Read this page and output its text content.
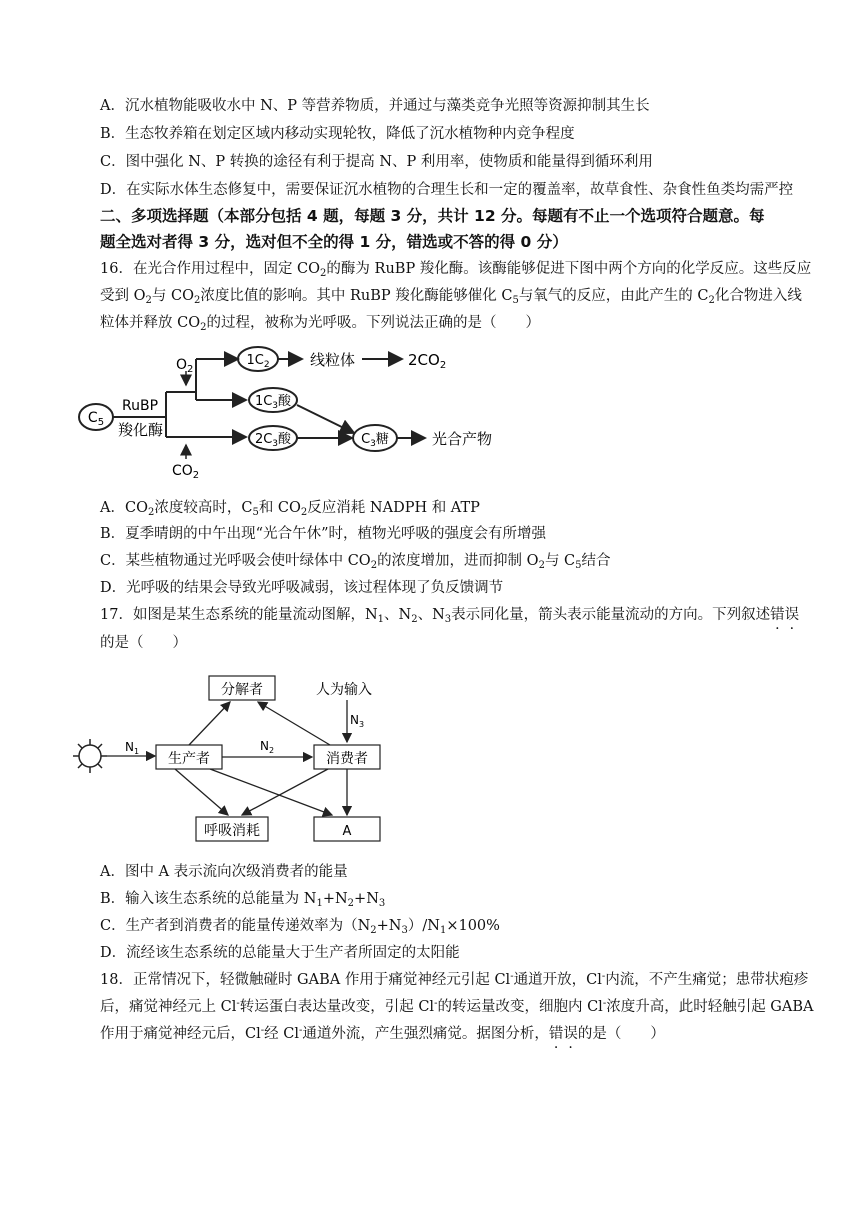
A．沉水植物能吸收水中 N、P 等营养物质，并通过与藻类竞争光照等资源抑制其生长
B．生态牧养箱在划定区域内移动实现轮牧，降低了沉水植物种内竞争程度
C．图中强化 N、P 转换的途径有利于提高 N、P 利用率，使物质和能量得到循环利用
D．在实际水体生态修复中，需要保证沉水植物的合理生长和一定的覆盖率，故草食性、杂食性鱼类均需严控
二、多项选择题（本部分包括 4 题，每题 3 分，共计 12 分。每题有不止一个选项符合题意。每
题全选对者得 3 分，选对但不全的得 1 分，错选或不答的得 0 分）
16．在光合作用过程中，固定 $CO_2$的酶为 RuBP 羧化酶。该酶能够促进下图中两个方向的化学反应。这些反应
受到 $O_2$与 $CO_2$浓度比值的影响。其中 RuBP 羧化酶能够催化 $C_5$与氧气的反应，由此产生的 $C_2$化合物进入线
粒体并释放 $CO_2$的过程，被称为光呼吸。下列说法正确的是（　　）
$C_5$
RuBP
羧化酶
$O_2$
$CO_2$
$1C_2$	线粒体	$2CO_2$
$1C_3$酸
$2C_3$酸	$C_3$糖	光合产物
A．$CO_2$浓度较高时，$C_5$和 $CO_2$反应消耗 NADPH 和 ATP
B．夏季晴朗的中午出现“光合午休”时，植物光呼吸的强度会有所增强
C．某些植物通过光呼吸会使叶绿体中 $CO_2$的浓度增加，进而抑制 $O_2$与 $C_5$结合
D．光呼吸的结果会导致光呼吸减弱，该过程体现了负反馈调节
17．如图是某生态系统的能量流动图解，$N_1$、$N_2$、$N_3$表示同化量，箭头表示能量流动的方向。下列叙述错误
的是（　　）
$N_1$
分解者	人为输入
$N_3$
生产者	消费者
$N_2$
呼吸消耗	A
A．图中 A 表示流向次级消费者的能量
B．输入该生态系统的总能量为 $N_1+N_2+N_3$
C．生产者到消费者的能量传递效率为$(N_2+N_3)/N_1\times 100\%$
D．流经该生态系统的总能量大于生产者所固定的太阳能
18．正常情况下，轻微触碰时 GABA 作用于痛觉神经元引起 Cl-通道开放，Cl-内流，不产生痛觉；患带状疱疹
后，痛觉神经元上 Cl-转运蛋白表达量改变，引起 Cl-的转运量改变，细胞内 Cl-浓度升高，此时轻触引起 GABA
作用于痛觉神经元后，Cl-经 Cl-通道外流，产生强烈痛觉。据图分析，错误的是（　　）
